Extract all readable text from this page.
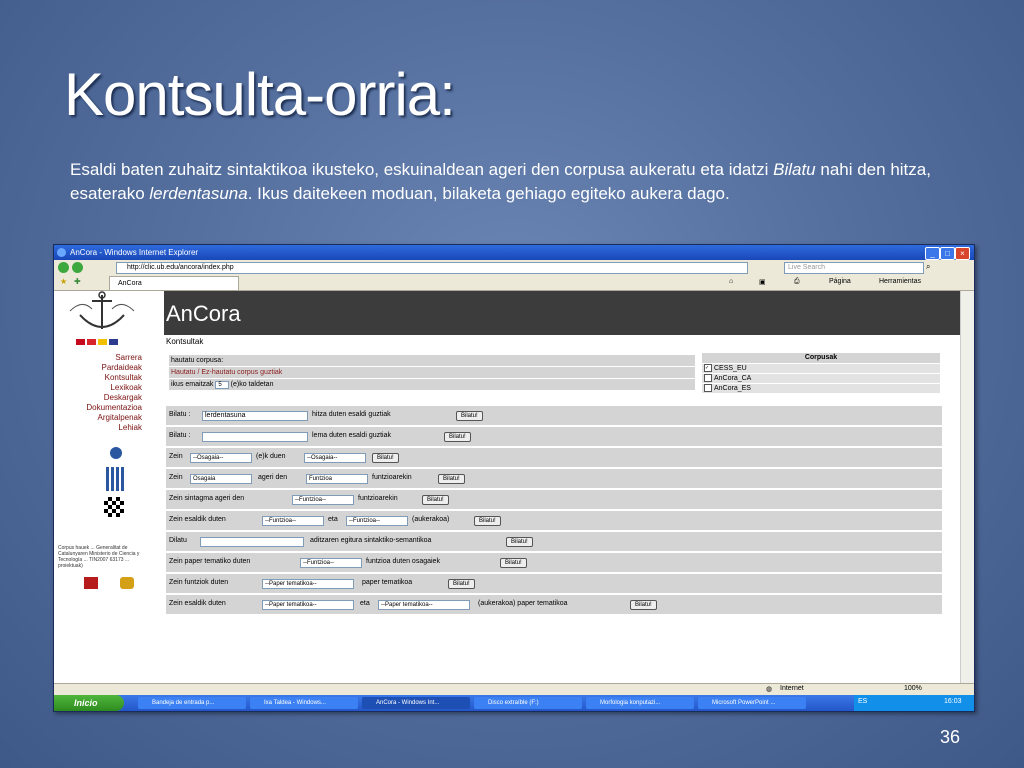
Kontsulta-orria:
Esaldi baten zuhaitz sintaktikoa ikusteko, eskuinaldean ageri den corpusa aukeratu eta idatzi Bilatu nahi den hitza, esaterako lerdentasuna. Ikus daitekeen moduan, bilaketa gehiago egiteko aukera dago.
36
AnCora - Windows Internet Explorer	_	□	×
http://clic.ub.edu/ancora/index.php	Live Search	⌕
★ ✚	AnCora	⌂	▣	⎙	Página	Herramientas
AnCora
Sarrera
Pardaideak
Kontsultak
Lexikoak
Deskargak
Dokumentazioa
Argitalpenak
Lehiak
Corpus hauek ... Generalitat de Catalunyaren Ministerio de Ciencia y Tecnología ... TIN2007 63173 ... proiektuak)
Kontsultak
hautatu corpusa:
Hautatu / Ez-hautatu corpus guztiak
ikus emaitzak 5 (e)ko taldetan
Corpusak
✓ CESS_EU
AnCora_CA
AnCora_ES
Bilatu :	lerdentasuna	hitza duten esaldi guztiak	Bilatu!
Bilatu :	lema duten esaldi guztiak	Bilatu!
Zein	--Osagaia--	(e)k duen	--Osagaia--	Bilatu!
Zein	Osagaia	ageri den	Funtzioa	funtzioarekin	Bilatu!
Zein sintagma ageri den	--Funtzioa--	funtzioarekin	Bilatu!
Zein esaldik duten	--Funtzioa--	eta	--Funtzioa--	(aukerakoa)	Bilatu!
Dilatu	aditzaren egitura sintaktiko-semantikoa	Bilatu!
Zein paper tematiko duten	--Funtzioa--	funtzioa duten osagaiek	Bilatu!
Zein funtziok duten	--Paper tematikoa--	paper tematikoa	Bilatu!
Zein esaldik duten	--Paper tematikoa--	eta	--Paper tematikoa--	(aukerakoa) paper tematikoa	Bilatu!
◍ Internet	100%
Inicio	Bandeja de entrada p...	Ixa Taldea - Windows...	AnCora - Windows Int...	Disco extraíble (F:)	Morfologia konputazi...	Microsoft PowerPoint ...	ES	16:03
